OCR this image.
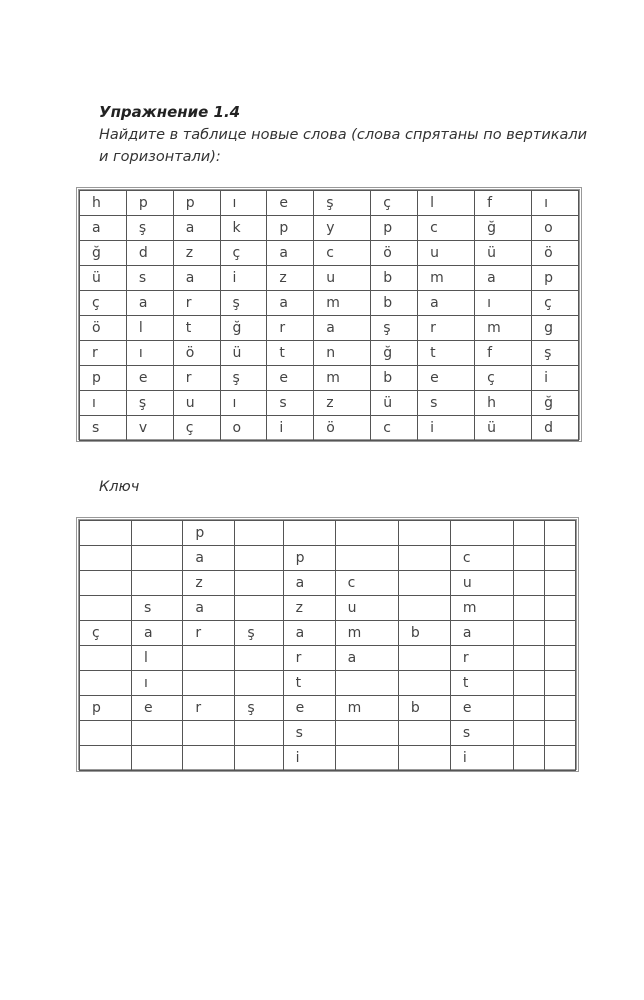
Упражнение 1.4
Найдите в таблице новые слова (слова спрятаны по вертикали и горизонтали):
h	p	p	ı	e	ş	ç	l	f	ı
a	ş	a	k	p	y	p	c	ğ	o
ğ	d	z	ç	a	c	ö	u	ü	ö
ü	s	a	i	z	u	b	m	a	p
ç	a	r	ş	a	m	b	a	ı	ç
ö	l	t	ğ	r	a	ş	r	m	g
r	ı	ö	ü	t	n	ğ	t	f	ş
p	e	r	ş	e	m	b	e	ç	i
ı	ş	u	ı	s	z	ü	s	h	ğ
s	v	ç	o	i	ö	c	i	ü	d
Ключ
		p							
		a		p			c		
		z		a	c		u		
	s	a		z	u		m		
ç	a	r	ş	a	m	b	a		
	l			r	a		r		
	ı			t			t		
p	e	r	ş	e	m	b	e		
				s			s		
				i			i		
